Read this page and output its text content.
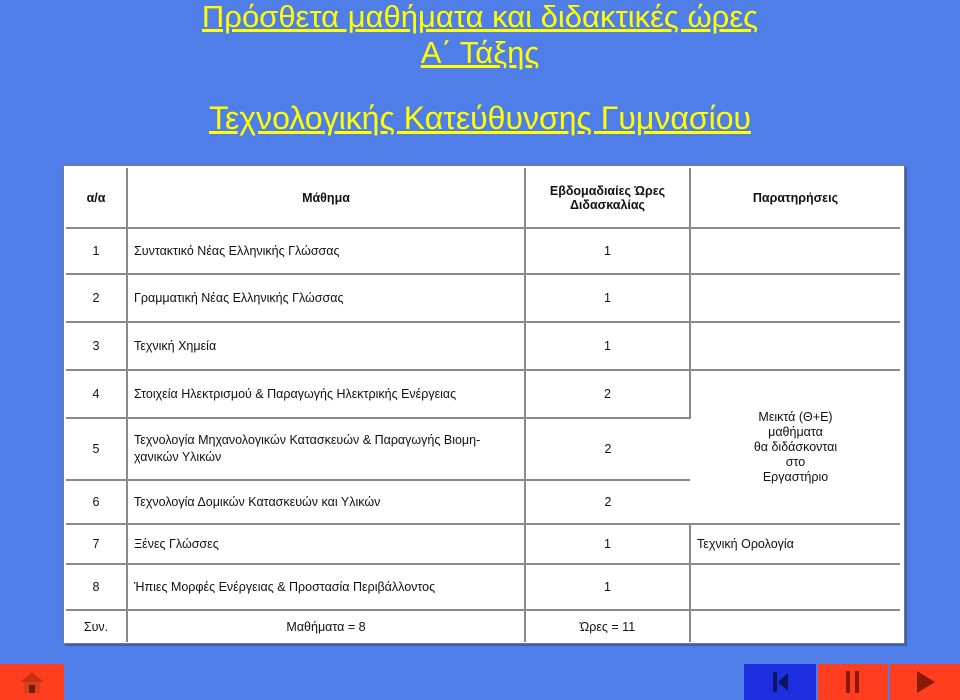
Πρόσθετα μαθήματα και διδακτικές ώρες
Α΄ Τάξης
Τεχνολογικής Κατεύθυνσης Γυμνασίου
α/α	Μάθημα	Εβδομαδιαίες Ώρες Διδασκαλίας	Παρατηρήσεις
1	Συντακτικό Νέας Ελληνικής Γλώσσας	1	
2	Γραμματική Νέας Ελληνικής Γλώσσας	1	
3	Τεχνική Χημεία	1	
4	Στοιχεία Ηλεκτρισμού & Παραγωγής Ηλεκτρικής Ενέργειας	2	Μεικτά (Θ+Ε)
μαθήματα
θα διδάσκονται
στο
Εργαστήριο

5	Τεχνολογία Μηχανολογικών Κατασκευών & Παραγωγής Βιομη- χανικών Υλικών	2	
6	Τεχνολογία Δομικών Κατασκευών και Υλικών	2	
7	Ξένες Γλώσσες	1	Τεχνική Ορολογία
8	Ήπιες Μορφές Ενέργειας & Προστασία Περιβάλλοντος	1	
Συν.	Μαθήματα = 8	Ώρες = 11	
